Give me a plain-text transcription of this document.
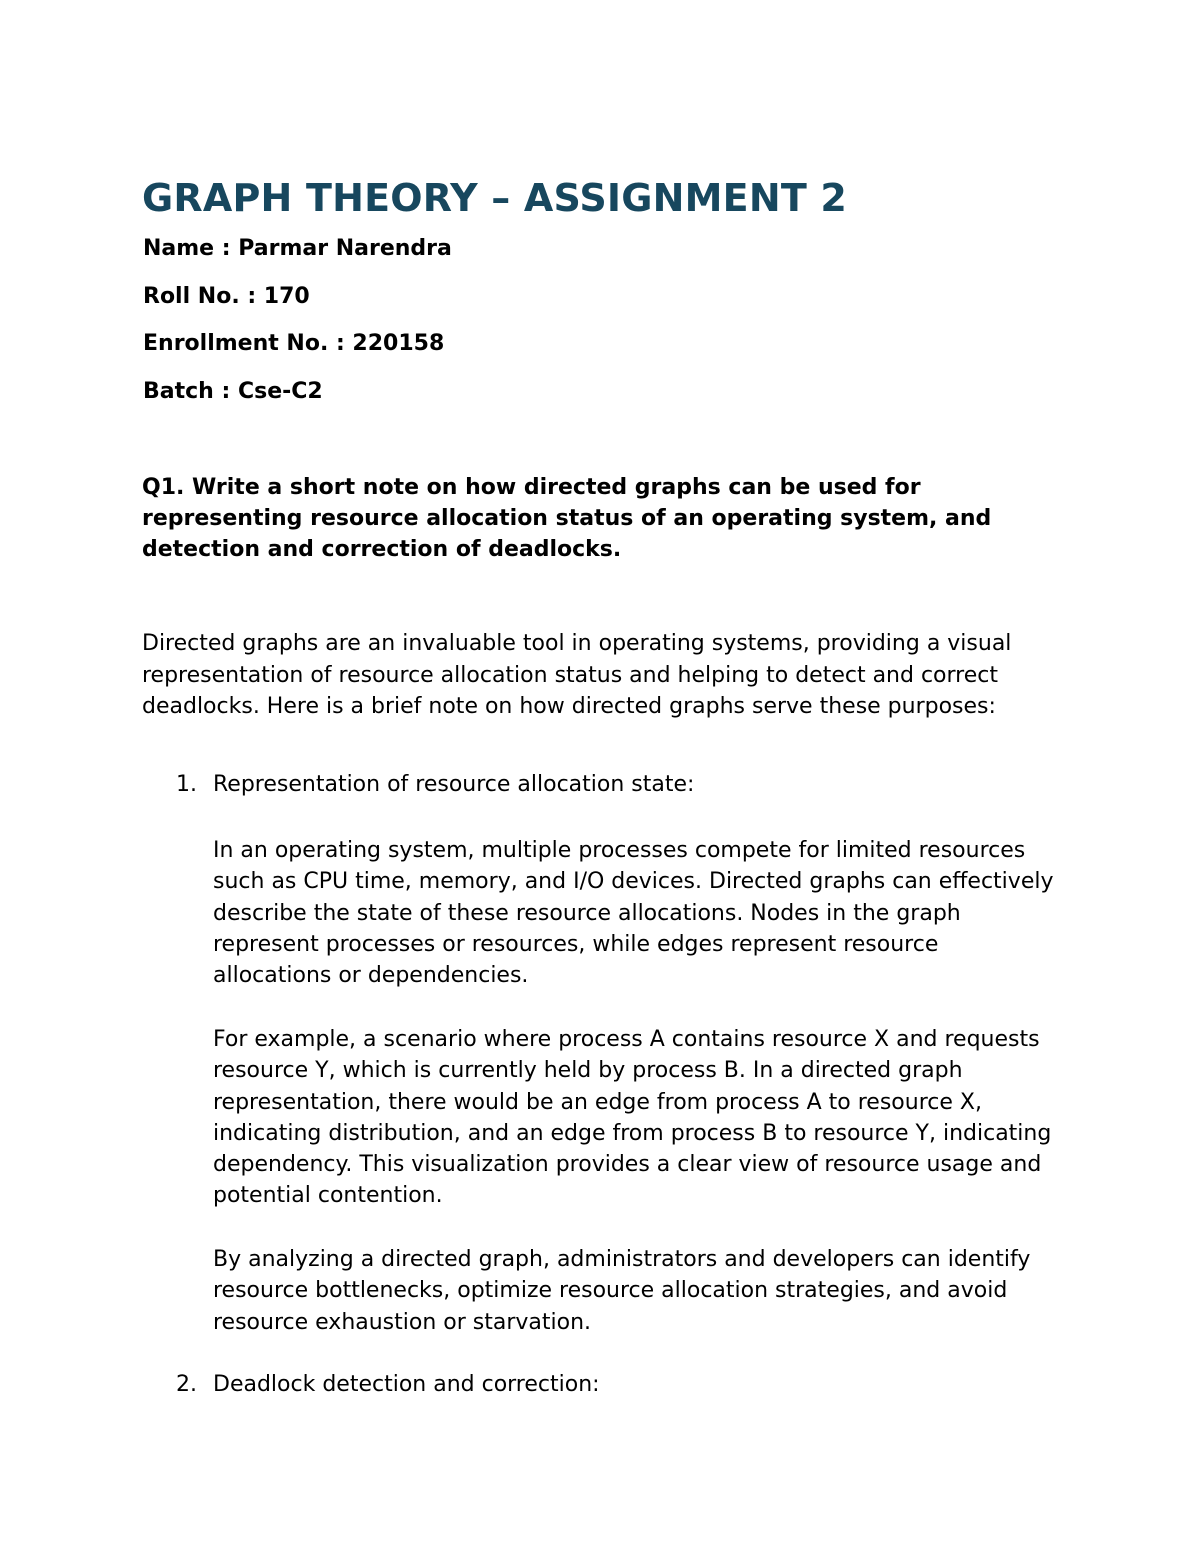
GRAPH THEORY – ASSIGNMENT 2

Name : Parmar Narendra

Roll No. : 170

Enrollment No. : 220158

Batch : Cse-C2

Q1. Write a short note on how directed graphs can be used for representing resource allocation status of an operating system, and detection and correction of deadlocks.

Directed graphs are an invaluable tool in operating systems, providing a visual representation of resource allocation status and helping to detect and correct deadlocks. Here is a brief note on how directed graphs serve these purposes:

1. Representation of resource allocation state:

In an operating system, multiple processes compete for limited resources such as CPU time, memory, and I/O devices. Directed graphs can effectively describe the state of these resource allocations. Nodes in the graph represent processes or resources, while edges represent resource allocations or dependencies.

For example, a scenario where process A contains resource X and requests resource Y, which is currently held by process B. In a directed graph representation, there would be an edge from process A to resource X, indicating distribution, and an edge from process B to resource Y, indicating dependency. This visualization provides a clear view of resource usage and potential contention.

By analyzing a directed graph, administrators and developers can identify resource bottlenecks, optimize resource allocation strategies, and avoid resource exhaustion or starvation.

2. Deadlock detection and correction:
